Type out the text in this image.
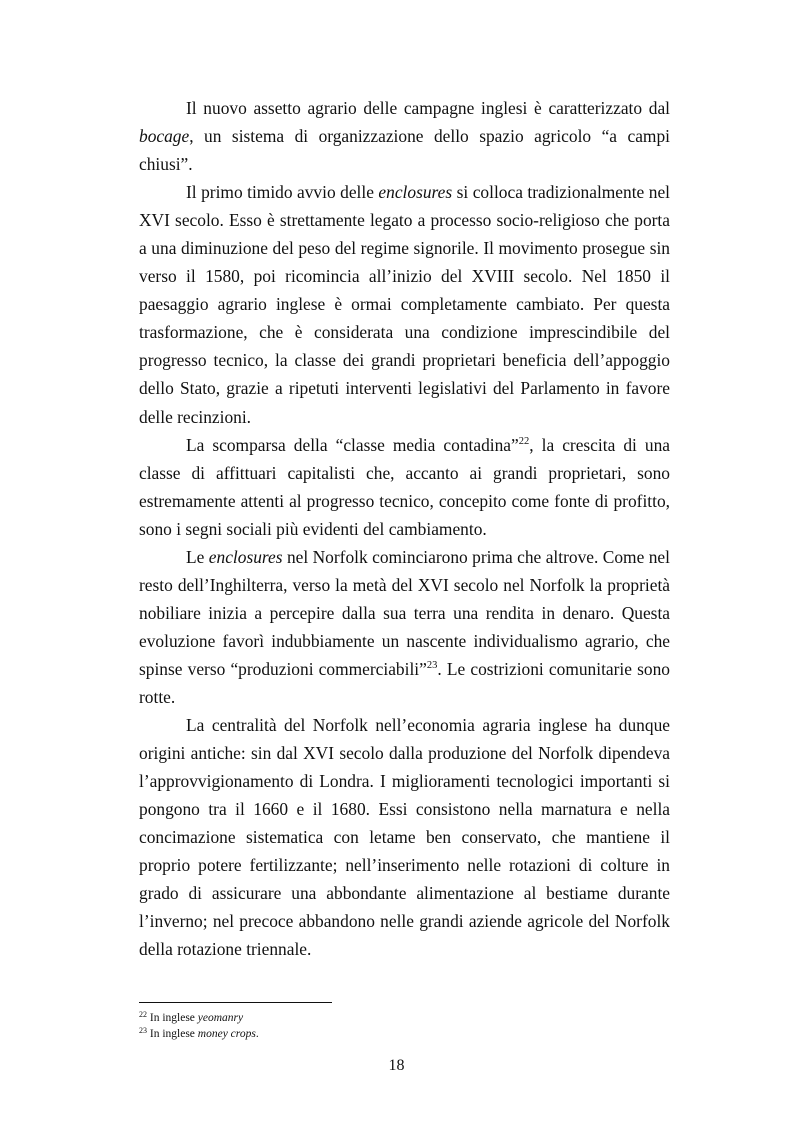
Il nuovo assetto agrario delle campagne inglesi è caratterizzato dal bocage, un sistema di organizzazione dello spazio agricolo “a campi chiusi”.

Il primo timido avvio delle enclosures si colloca tradizionalmente nel XVI secolo. Esso è strettamente legato a processo socio-religioso che porta a una diminuzione del peso del regime signorile. Il movimento prosegue sin verso il 1580, poi ricomincia all’inizio del XVIII secolo. Nel 1850 il paesaggio agrario inglese è ormai completamente cambiato. Per questa trasformazione, che è considerata una condizione imprescindibile del progresso tecnico, la classe dei grandi proprietari beneficia dell’appoggio dello Stato, grazie a ripetuti interventi legislativi del Parlamento in favore delle recinzioni.

La scomparsa della “classe media contadina”$^{22}$, la crescita di una classe di affittuari capitalisti che, accanto ai grandi proprietari, sono estremamente attenti al progresso tecnico, concepito come fonte di profitto, sono i segni sociali più evidenti del cambiamento.

Le enclosures nel Norfolk cominciarono prima che altrove. Come nel resto dell’Inghilterra, verso la metà del XVI secolo nel Norfolk la proprietà nobiliare inizia a percepire dalla sua terra una rendita in denaro. Questa evoluzione favorì indubbiamente un nascente individualismo agrario, che spinse verso “produzioni commerciabili”$^{23}$. Le costrizioni comunitarie sono rotte.

La centralità del Norfolk nell’economia agraria inglese ha dunque origini antiche: sin dal XVI secolo dalla produzione del Norfolk dipendeva l’approvvigionamento di Londra. I miglioramenti tecnologici importanti si pongono tra il 1660 e il 1680. Essi consistono nella marnatura e nella concimazione sistematica con letame ben conservato, che mantiene il proprio potere fertilizzante; nell’inserimento nelle rotazioni di colture in grado di assicurare una abbondante alimentazione al bestiame durante l’inverno; nel precoce abbandono nelle grandi aziende agricole del Norfolk della rotazione triennale.

$^{22}$ In inglese yeomanry

$^{23}$ In inglese money crops.

18
